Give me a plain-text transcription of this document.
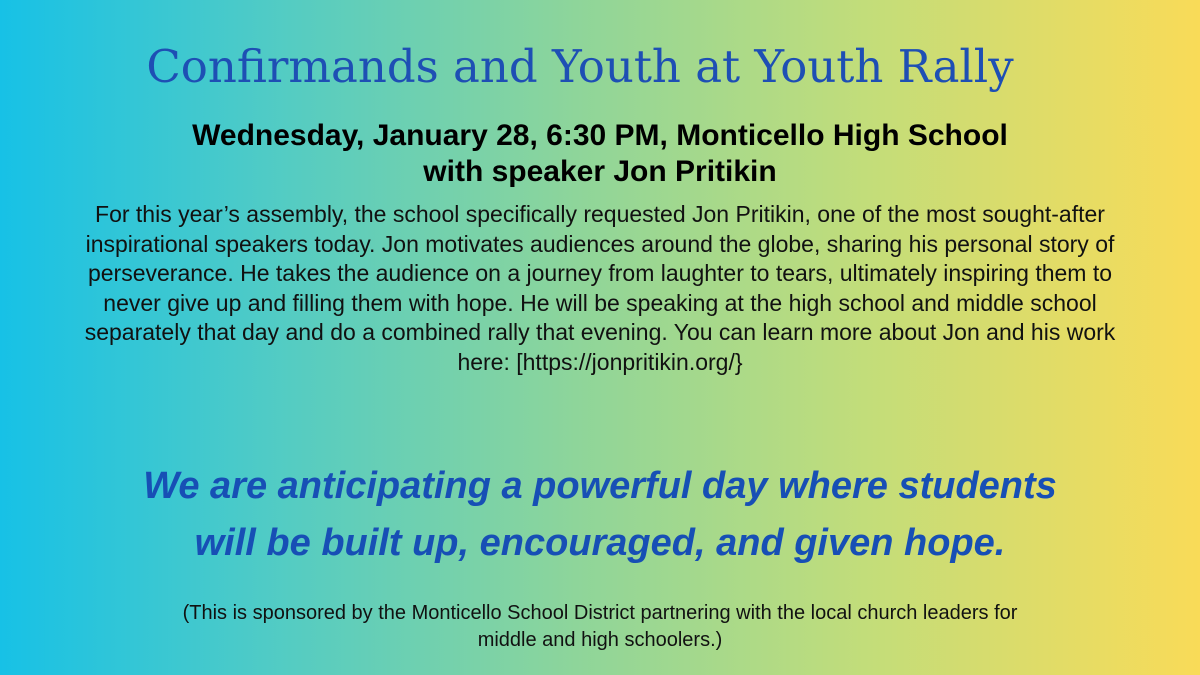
Confirmands and Youth at Youth Rally
Wednesday, January 28, 6:30 PM, Monticello High School
with speaker Jon Pritikin
For this year’s assembly, the school specifically requested Jon Pritikin, one of the most sought-after inspirational speakers today. Jon motivates audiences around the globe, sharing his personal story of perseverance. He takes the audience on a journey from laughter to tears, ultimately inspiring them to never give up and filling them with hope. He will be speaking at the high school and middle school separately that day and do a combined rally that evening. You can learn more about Jon and his work here: [https://jonpritikin.org/}
We are anticipating a powerful day where students
will be built up, encouraged, and given hope.
(This is sponsored by the Monticello School District partnering with the local church leaders for
middle and high schoolers.)
